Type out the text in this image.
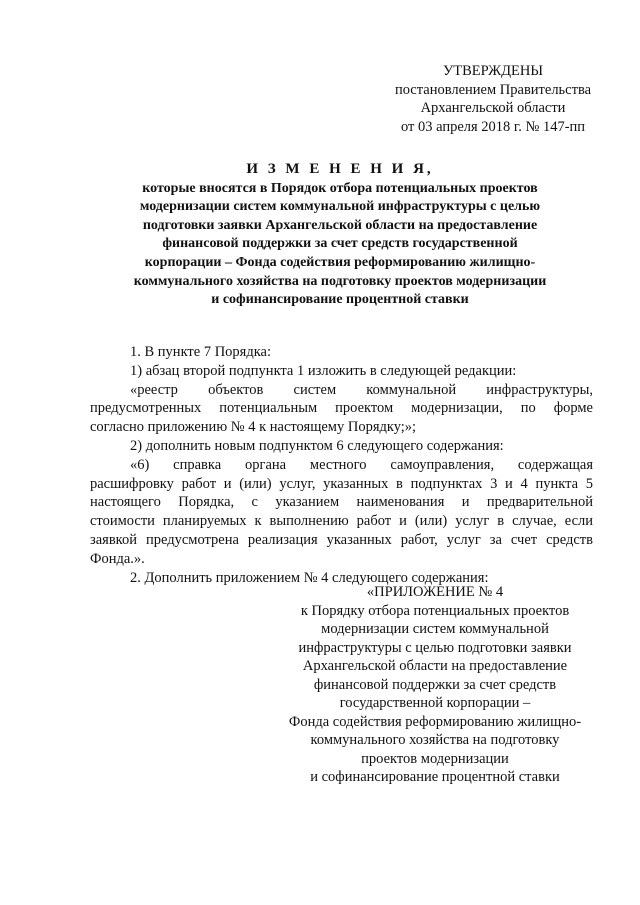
УТВЕРЖДЕНЫ
постановлением Правительства
Архангельской области
от 03 апреля 2018 г. № 147-пп
И З М Е Н Е Н И Я,
которые вносятся в Порядок отбора потенциальных проектов
модернизации систем коммунальной инфраструктуры с целью
подготовки заявки Архангельской области на предоставление
финансовой поддержки за счет средств государственной
корпорации – Фонда содействия реформированию жилищно-
коммунального хозяйства на подготовку проектов модернизации
и софинансирование процентной ставки
1. В пункте 7 Порядка:
1) абзац второй подпункта 1 изложить в следующей редакции:
«реестр объектов систем коммунальной инфраструктуры,
предусмотренных потенциальным проектом модернизации, по форме
согласно приложению № 4 к настоящему Порядку;»;
2) дополнить новым подпунктом 6 следующего содержания:
«6) справка органа местного самоуправления, содержащая
расшифровку работ и (или) услуг, указанных в подпунктах 3 и 4 пункта 5
настоящего Порядка, с указанием наименования и предварительной
стоимости планируемых к выполнению работ и (или) услуг в случае, если
заявкой предусмотрена реализация указанных работ, услуг за счет средств
Фонда.».
2. Дополнить приложением № 4 следующего содержания:
«ПРИЛОЖЕНИЕ № 4
к Порядку отбора потенциальных проектов
модернизации систем коммунальной
инфраструктуры с целью подготовки заявки
Архангельской области на предоставление
финансовой поддержки за счет средств
государственной корпорации –
Фонда содействия реформированию жилищно-
коммунального хозяйства на подготовку
проектов модернизации
и софинансирование процентной ставки
